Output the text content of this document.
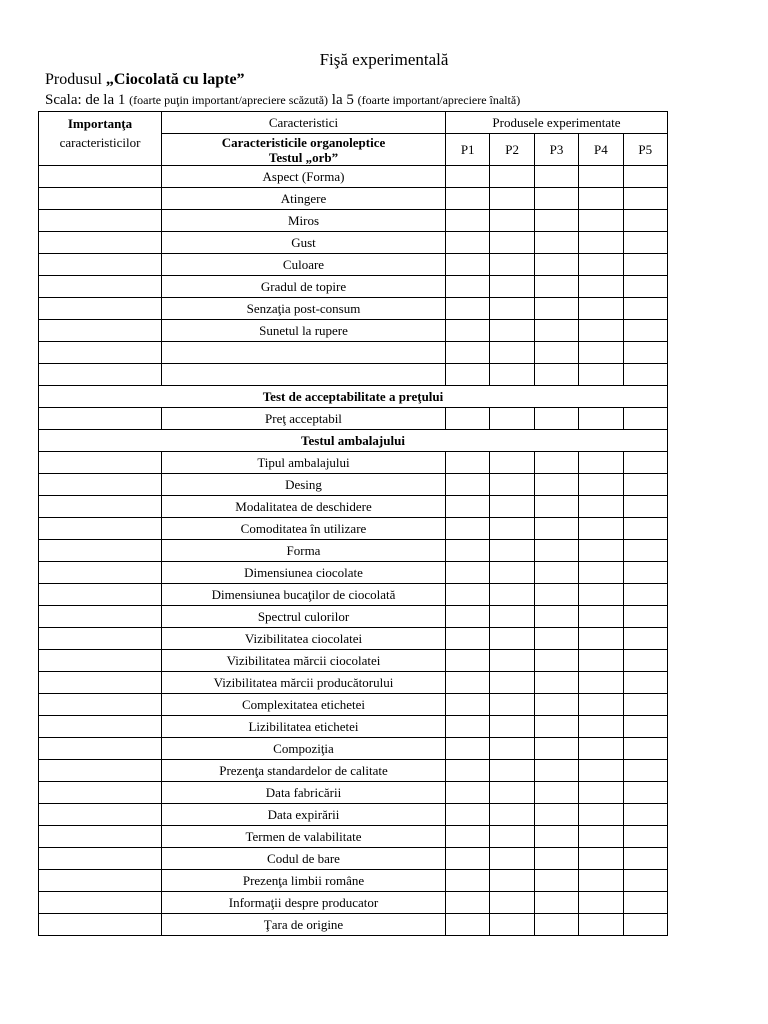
Fişă experimentală
Produsul „Ciocolată cu lapte”
Scala: de la 1 (foarte puţin important/apreciere scăzută) la 5 (foarte important/apreciere înaltă)
Importanţa
caracteristicilor	Caracteristici	Produsele experimentate				
	Caracteristicile organoleptice
Testul „orb”					
		P1	P2	P3	P4	P5
	Aspect (Forma)					
	Atingere					
	Miros					
	Gust					
	Culoare					
	Gradul de topire					
	Senzaţia post-consum					
	Sunetul la rupere					

Test de acceptabilitate a preţului						
	Preţ acceptabil					
Testul ambalajului						
	Tipul ambalajului					
	Desing					
	Modalitatea de deschidere					
	Comoditatea în utilizare					
	Forma					
	Dimensiunea ciocolate					
	Dimensiunea bucaţilor de ciocolată					
	Spectrul culorilor					
	Vizibilitatea ciocolatei					
	Vizibilitatea mărcii ciocolatei					
	Vizibilitatea mărcii producătorului					
	Complexitatea etichetei					
	Lizibilitatea etichetei					
	Compoziţia					
	Prezenţa standardelor de calitate					
	Data fabricării					
	Data expirării					
	Termen de valabilitate					
	Codul de bare					
	Prezenţa limbii române					
	Informaţii despre producator					
	Ţara de origine					
